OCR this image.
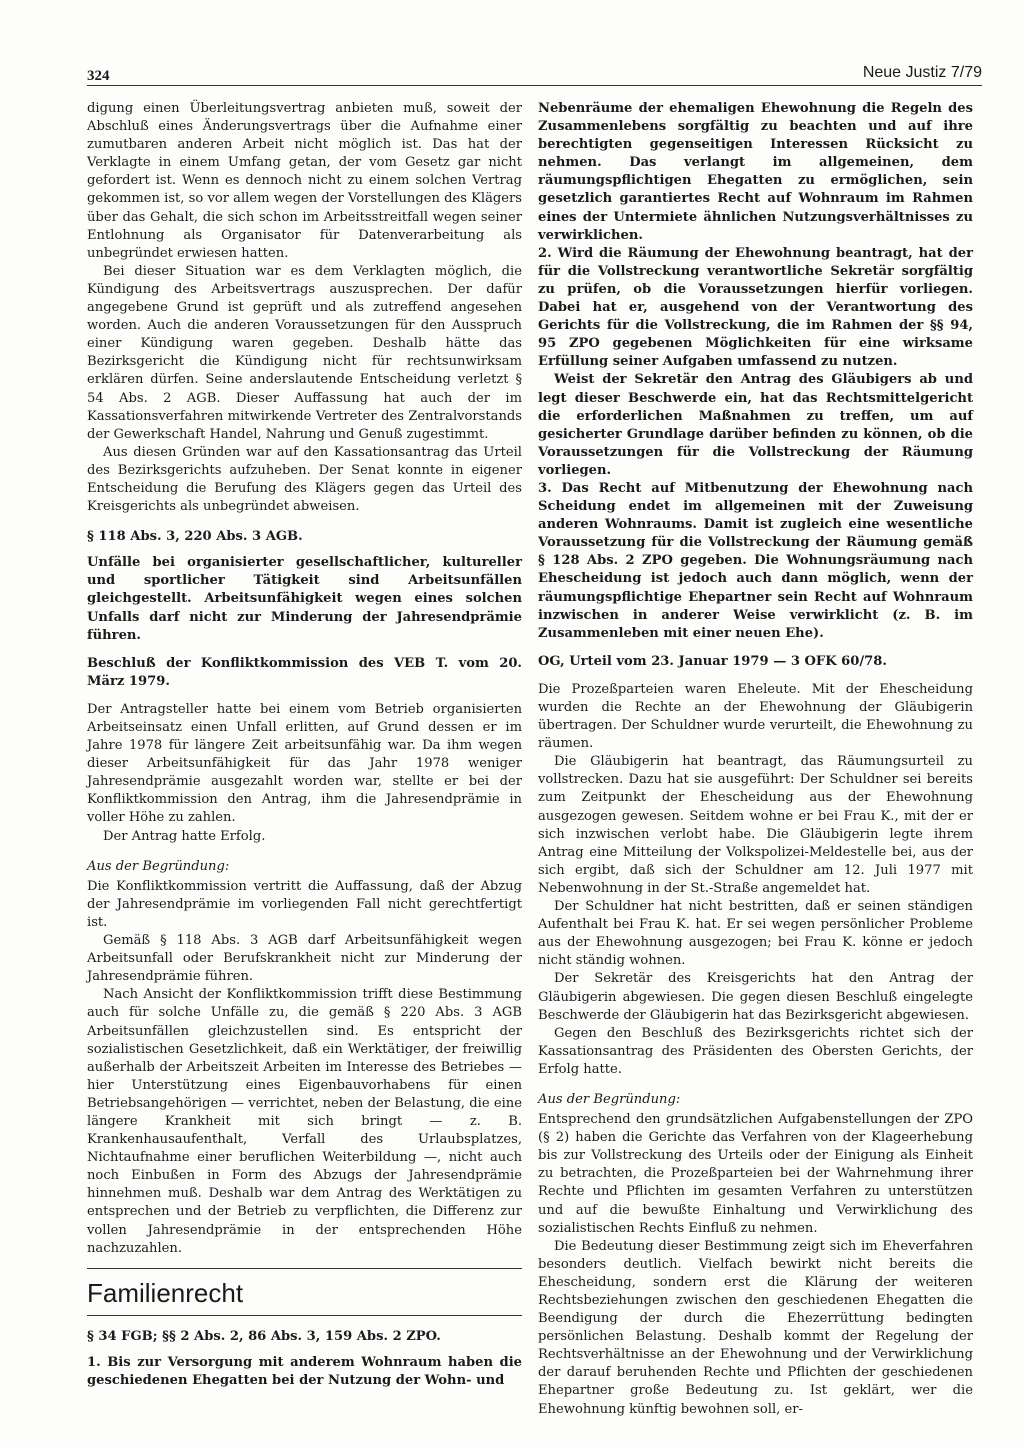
324	Neue Justiz 7/79

digung einen Überleitungsvertrag anbieten muß, soweit der Abschluß eines Änderungsvertrags über die Aufnahme einer zumutbaren anderen Arbeit nicht möglich ist. Das hat der Verklagte in einem Umfang getan, der vom Gesetz gar nicht gefordert ist. Wenn es dennoch nicht zu einem solchen Vertrag gekommen ist, so vor allem wegen der Vorstellungen des Klägers über das Gehalt, die sich schon im Arbeitsstreitfall wegen seiner Entlohnung als Organisator für Datenverarbeitung als unbegründet erwiesen hatten.

Bei dieser Situation war es dem Verklagten möglich, die Kündigung des Arbeitsvertrags auszusprechen. Der dafür angegebene Grund ist geprüft und als zutreffend angesehen worden. Auch die anderen Voraussetzungen für den Ausspruch einer Kündigung waren gegeben. Deshalb hätte das Bezirksgericht die Kündigung nicht für rechtsunwirksam erklären dürfen. Seine anderslautende Entscheidung verletzt § 54 Abs. 2 AGB. Dieser Auffassung hat auch der im Kassationsverfahren mitwirkende Vertreter des Zentralvorstands der Gewerkschaft Handel, Nahrung und Genuß zugestimmt.

Aus diesen Gründen war auf den Kassationsantrag das Urteil des Bezirksgerichts aufzuheben. Der Senat konnte in eigener Entscheidung die Berufung des Klägers gegen das Urteil des Kreisgerichts als unbegründet abweisen.

§ 118 Abs. 3, 220 Abs. 3 AGB.

Unfälle bei organisierter gesellschaftlicher, kultureller und sportlicher Tätigkeit sind Arbeitsunfällen gleichgestellt. Arbeitsunfähigkeit wegen eines solchen Unfalls darf nicht zur Minderung der Jahresendprämie führen.

Beschluß der Konfliktkommission des VEB T. vom 20. März 1979.

Der Antragsteller hatte bei einem vom Betrieb organisierten Arbeitseinsatz einen Unfall erlitten, auf Grund dessen er im Jahre 1978 für längere Zeit arbeitsunfähig war. Da ihm wegen dieser Arbeitsunfähigkeit für das Jahr 1978 weniger Jahresendprämie ausgezahlt worden war, stellte er bei der Konfliktkommission den Antrag, ihm die Jahresendprämie in voller Höhe zu zahlen.

Der Antrag hatte Erfolg.

Aus der Begründung:

Die Konfliktkommission vertritt die Auffassung, daß der Abzug der Jahresendprämie im vorliegenden Fall nicht gerechtfertigt ist.

Gemäß § 118 Abs. 3 AGB darf Arbeitsunfähigkeit wegen Arbeitsunfall oder Berufskrankheit nicht zur Minderung der Jahresendprämie führen.

Nach Ansicht der Konfliktkommission trifft diese Bestimmung auch für solche Unfälle zu, die gemäß § 220 Abs. 3 AGB Arbeitsunfällen gleichzustellen sind. Es entspricht der sozialistischen Gesetzlichkeit, daß ein Werktätiger, der freiwillig außerhalb der Arbeitszeit Arbeiten im Interesse des Betriebes — hier Unterstützung eines Eigenbauvorhabens für einen Betriebsangehörigen — verrichtet, neben der Belastung, die eine längere Krankheit mit sich bringt — z. B. Krankenhausaufenthalt, Verfall des Urlaubsplatzes, Nichtaufnahme einer beruflichen Weiterbildung —, nicht auch noch Einbußen in Form des Abzugs der Jahresendprämie hinnehmen muß. Deshalb war dem Antrag des Werktätigen zu entsprechen und der Betrieb zu verpflichten, die Differenz zur vollen Jahresendprämie in der entsprechenden Höhe nachzuzahlen.

Familienrecht

§ 34 FGB; §§ 2 Abs. 2, 86 Abs. 3, 159 Abs. 2 ZPO.

1. Bis zur Versorgung mit anderem Wohnraum haben die geschiedenen Ehegatten bei der Nutzung der Wohn- und

Nebenräume der ehemaligen Ehewohnung die Regeln des Zusammenlebens sorgfältig zu beachten und auf ihre berechtigten gegenseitigen Interessen Rücksicht zu nehmen. Das verlangt im allgemeinen, dem räumungspflichtigen Ehegatten zu ermöglichen, sein gesetzlich garantiertes Recht auf Wohnraum im Rahmen eines der Untermiete ähnlichen Nutzungsverhältnisses zu verwirklichen.

2. Wird die Räumung der Ehewohnung beantragt, hat der für die Vollstreckung verantwortliche Sekretär sorgfältig zu prüfen, ob die Voraussetzungen hierfür vorliegen. Dabei hat er, ausgehend von der Verantwortung des Gerichts für die Vollstreckung, die im Rahmen der §§ 94, 95 ZPO gegebenen Möglichkeiten für eine wirksame Erfüllung seiner Aufgaben umfassend zu nutzen.

Weist der Sekretär den Antrag des Gläubigers ab und legt dieser Beschwerde ein, hat das Rechtsmittelgericht die erforderlichen Maßnahmen zu treffen, um auf gesicherter Grundlage darüber befinden zu können, ob die Voraussetzungen für die Vollstreckung der Räumung vorliegen.

3. Das Recht auf Mitbenutzung der Ehewohnung nach Scheidung endet im allgemeinen mit der Zuweisung anderen Wohnraums. Damit ist zugleich eine wesentliche Voraussetzung für die Vollstreckung der Räumung gemäß § 128 Abs. 2 ZPO gegeben. Die Wohnungsräumung nach Ehescheidung ist jedoch auch dann möglich, wenn der räumungspflichtige Ehepartner sein Recht auf Wohnraum inzwischen in anderer Weise verwirklicht (z. B. im Zusammenleben mit einer neuen Ehe).

OG, Urteil vom 23. Januar 1979 — 3 OFK 60/78.

Die Prozeßparteien waren Eheleute. Mit der Ehescheidung wurden die Rechte an der Ehewohnung der Gläubigerin übertragen. Der Schuldner wurde verurteilt, die Ehewohnung zu räumen.

Die Gläubigerin hat beantragt, das Räumungsurteil zu vollstrecken. Dazu hat sie ausgeführt: Der Schuldner sei bereits zum Zeitpunkt der Ehescheidung aus der Ehewohnung ausgezogen gewesen. Seitdem wohne er bei Frau K., mit der er sich inzwischen verlobt habe. Die Gläubigerin legte ihrem Antrag eine Mitteilung der Volkspolizei-Meldestelle bei, aus der sich ergibt, daß sich der Schuldner am 12. Juli 1977 mit Nebenwohnung in der St.-Straße angemeldet hat.

Der Schuldner hat nicht bestritten, daß er seinen ständigen Aufenthalt bei Frau K. hat. Er sei wegen persönlicher Probleme aus der Ehewohnung ausgezogen; bei Frau K. könne er jedoch nicht ständig wohnen.

Der Sekretär des Kreisgerichts hat den Antrag der Gläubigerin abgewiesen. Die gegen diesen Beschluß eingelegte Beschwerde der Gläubigerin hat das Bezirksgericht abgewiesen.

Gegen den Beschluß des Bezirksgerichts richtet sich der Kassationsantrag des Präsidenten des Obersten Gerichts, der Erfolg hatte.

Aus der Begründung:

Entsprechend den grundsätzlichen Aufgabenstellungen der ZPO (§ 2) haben die Gerichte das Verfahren von der Klageerhebung bis zur Vollstreckung des Urteils oder der Einigung als Einheit zu betrachten, die Prozeßparteien bei der Wahrnehmung ihrer Rechte und Pflichten im gesamten Verfahren zu unterstützen und auf die bewußte Einhaltung und Verwirklichung des sozialistischen Rechts Einfluß zu nehmen.

Die Bedeutung dieser Bestimmung zeigt sich im Eheverfahren besonders deutlich. Vielfach bewirkt nicht bereits die Ehescheidung, sondern erst die Klärung der weiteren Rechtsbeziehungen zwischen den geschiedenen Ehegatten die Beendigung der durch die Ehezerrüttung bedingten persönlichen Belastung. Deshalb kommt der Regelung der Rechtsverhältnisse an der Ehewohnung und der Verwirklichung der darauf beruhenden Rechte und Pflichten der geschiedenen Ehepartner große Bedeutung zu. Ist geklärt, wer die Ehewohnung künftig bewohnen soll, er-
